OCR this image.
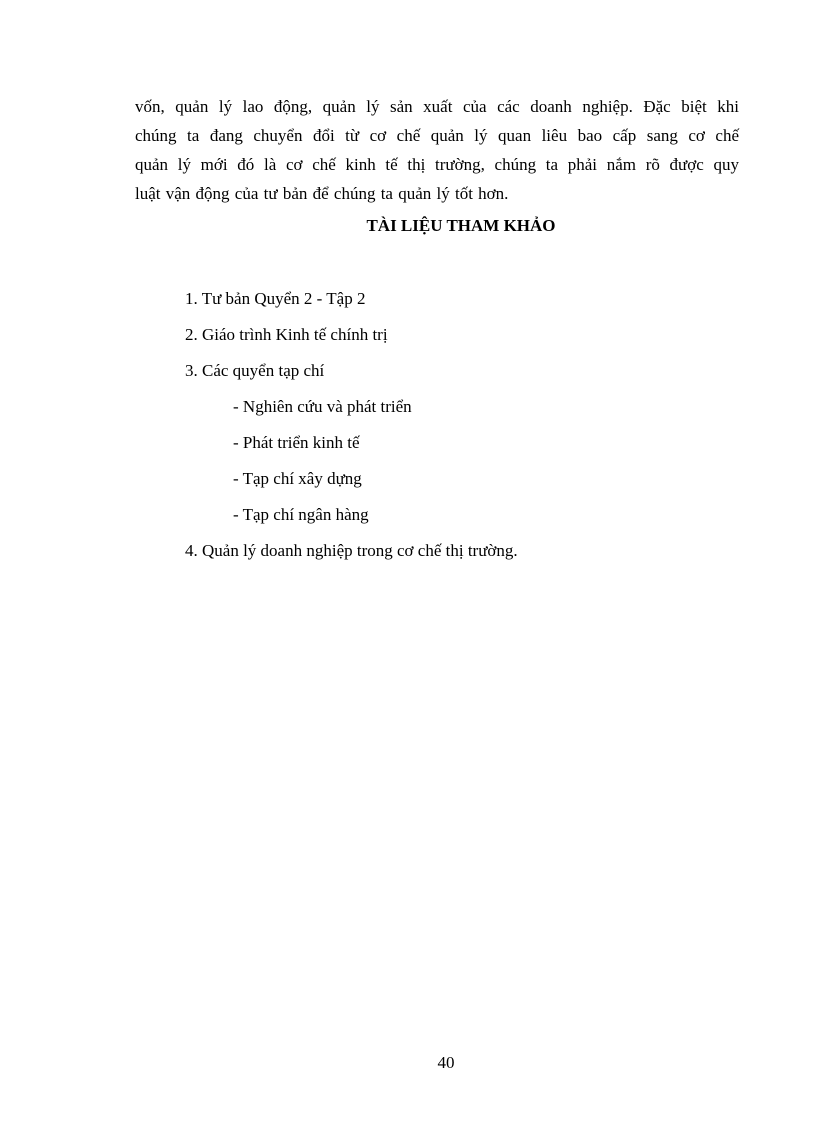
vốn, quản lý lao động, quản lý sản xuất của các doanh nghiệp. Đặc biệt khi
chúng ta đang chuyển đổi từ cơ chế quản lý quan liêu bao cấp sang cơ chế
quản lý mới đó là cơ chế kinh tế thị trường, chúng ta phải nắm rõ được quy
luật vận động của tư bản để chúng ta quản lý tốt hơn.

TÀI LIỆU THAM KHẢO
1. Tư bản Quyển 2 - Tập 2
2. Giáo trình Kinh tế chính trị
3. Các quyển tạp chí
- Nghiên cứu và phát triển
- Phát triển kinh tế
- Tạp chí xây dựng
- Tạp chí ngân hàng
4. Quản lý doanh nghiệp trong cơ chế thị trường.
40
